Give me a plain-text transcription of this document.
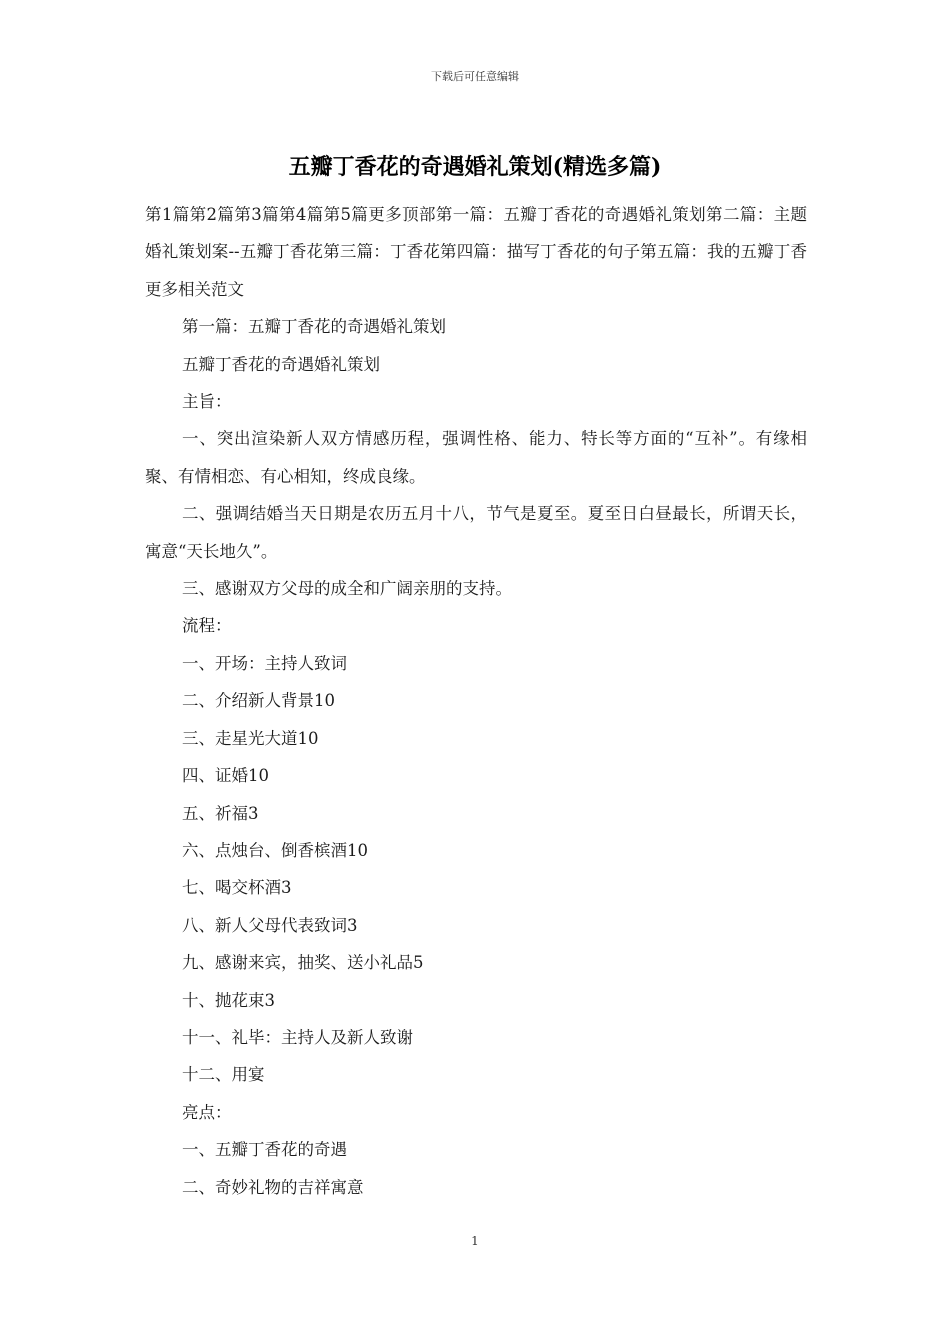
下载后可任意编辑
五瓣丁香花的奇遇婚礼策划(精选多篇)

第1篇第2篇第3篇第4篇第5篇更多顶部第一篇：五瓣丁香花的奇遇婚礼策划第二篇：主题婚礼策划案--五瓣丁香花第三篇：丁香花第四篇：描写丁香花的句子第五篇：我的五瓣丁香更多相关范文

第一篇：五瓣丁香花的奇遇婚礼策划

五瓣丁香花的奇遇婚礼策划

主旨：

一、突出渲染新人双方情感历程，强调性格、能力、特长等方面的“互补”。有缘相聚、有情相恋、有心相知，终成良缘。

二、强调结婚当天日期是农历五月十八，节气是夏至。夏至日白昼最长，所谓天长，寓意“天长地久”。

三、感谢双方父母的成全和广阔亲朋的支持。

流程：

一、开场：主持人致词

二、介绍新人背景10

三、走星光大道10

四、证婚10

五、祈福3

六、点烛台、倒香槟酒10

七、喝交杯酒3

八、新人父母代表致词3

九、感谢来宾，抽奖、送小礼品5

十、抛花束3

十一、礼毕：主持人及新人致谢

十二、用宴

亮点：

一、五瓣丁香花的奇遇

二、奇妙礼物的吉祥寓意

1
